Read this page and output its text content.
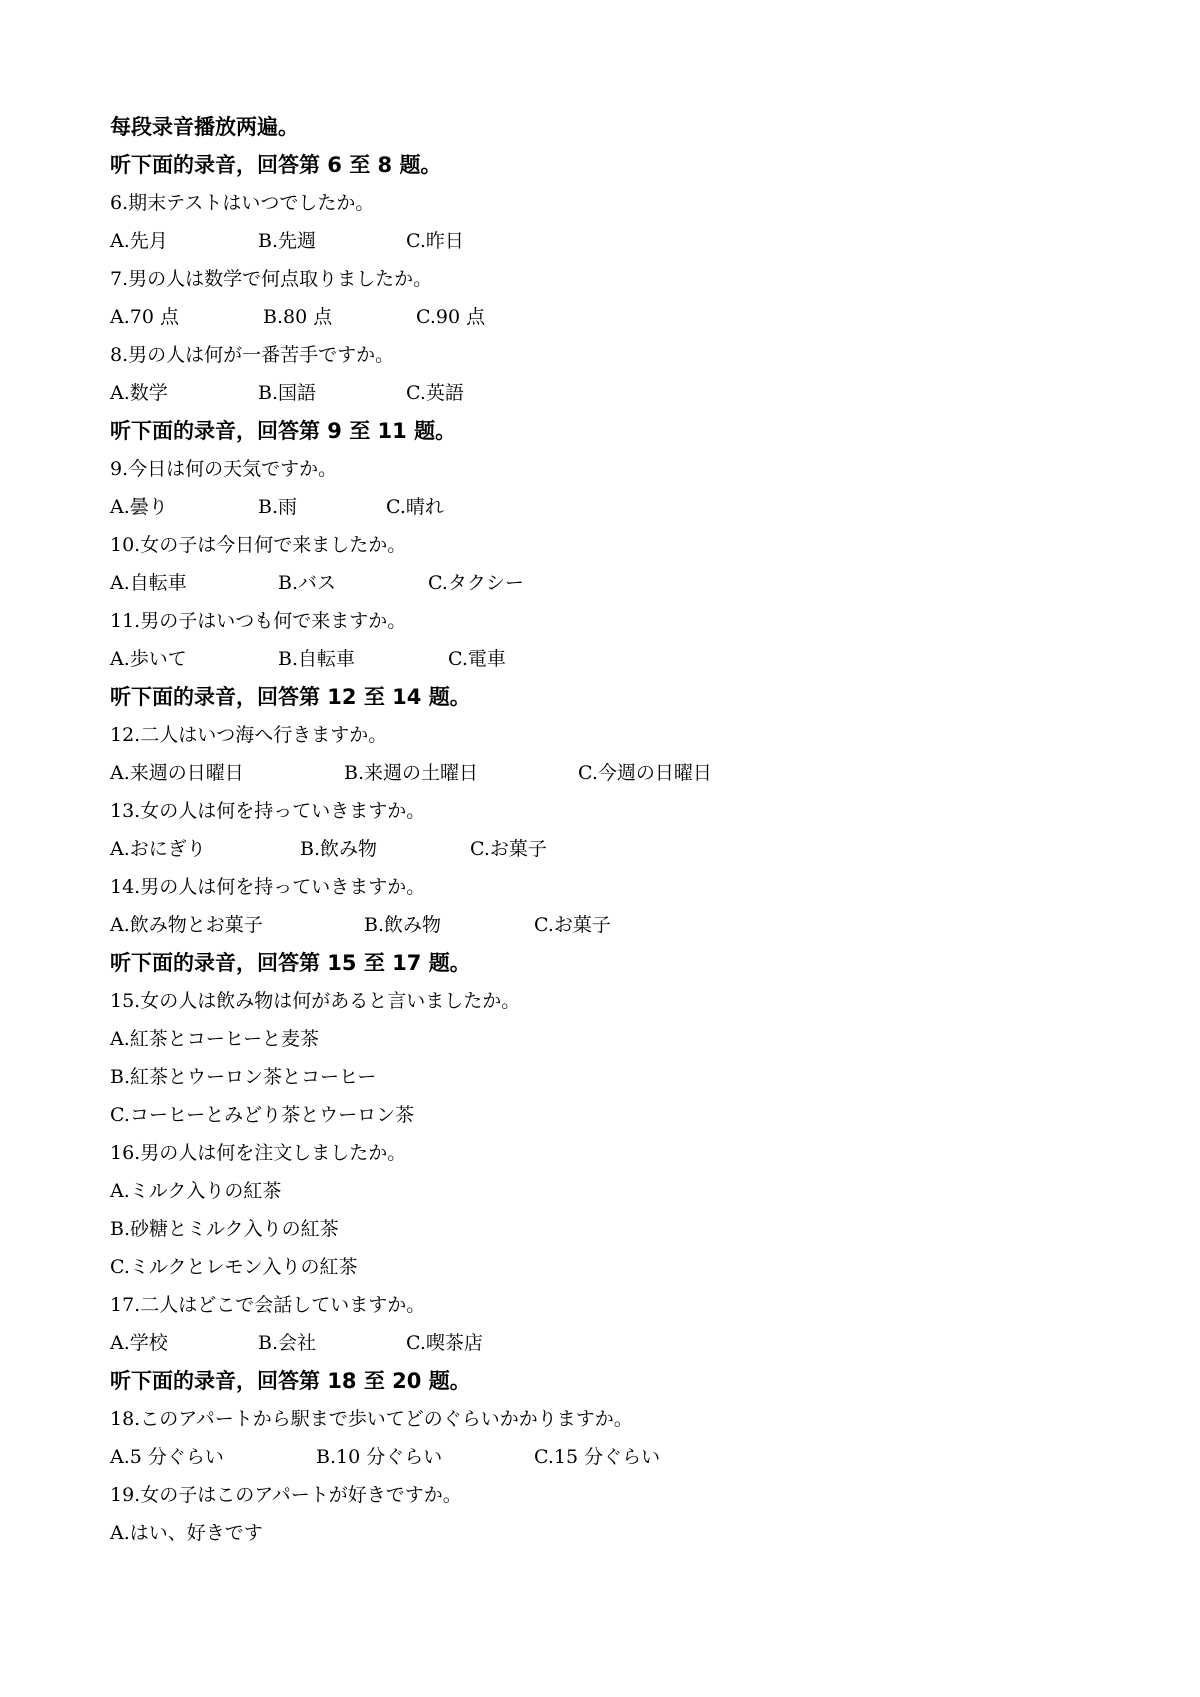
每段录音播放两遍。
听下面的录音，回答第 6 至 8 题。
6.期末テストはいつでしたか。
A.先月	B.先週	C.昨日
7.男の人は数学で何点取りましたか。
A.70 点	B.80 点	C.90 点
8.男の人は何が一番苦手ですか。
A.数学	B.国語	C.英語
听下面的录音，回答第 9 至 11 题。
9.今日は何の天気ですか。
A.曇り	B.雨	C.晴れ
10.女の子は今日何で来ましたか。
A.自転車	B.バス	C.タクシー
11.男の子はいつも何で来ますか。
A.歩いて	B.自転車	C.電車
听下面的录音，回答第 12 至 14 题。
12.二人はいつ海へ行きますか。
A.来週の日曜日	B.来週の土曜日	C.今週の日曜日
13.女の人は何を持っていきますか。
A.おにぎり	B.飲み物	C.お菓子
14.男の人は何を持っていきますか。
A.飲み物とお菓子	B.飲み物	C.お菓子
听下面的录音，回答第 15 至 17 题。
15.女の人は飲み物は何があると言いましたか。
A.紅茶とコーヒーと麦茶
B.紅茶とウーロン茶とコーヒー
C.コーヒーとみどり茶とウーロン茶
16.男の人は何を注文しましたか。
A.ミルク入りの紅茶
B.砂糖とミルク入りの紅茶
C.ミルクとレモン入りの紅茶
17.二人はどこで会話していますか。
A.学校	B.会社	C.喫茶店
听下面的录音，回答第 18 至 20 题。
18.このアパートから駅まで歩いてどのぐらいかかりますか。
A.5 分ぐらい	B.10 分ぐらい	C.15 分ぐらい
19.女の子はこのアパートが好きですか。
A.はい、好きです
